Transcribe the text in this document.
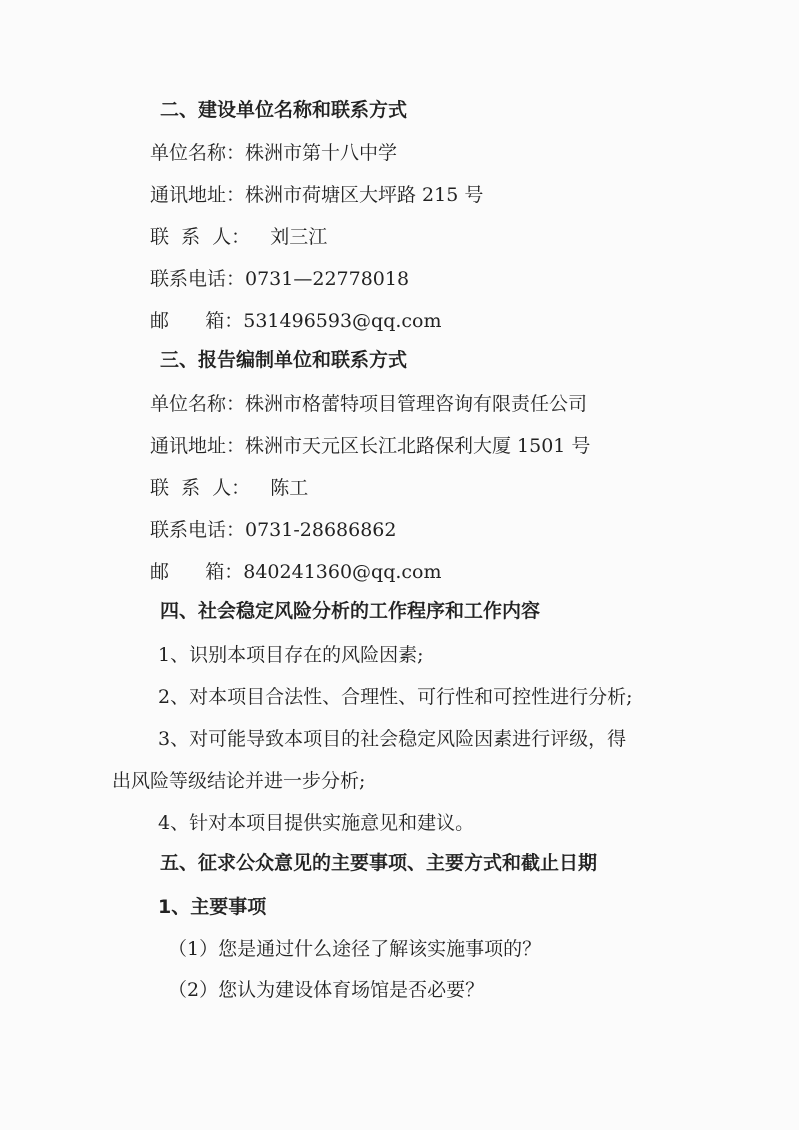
二、建设单位名称和联系方式
单位名称：株洲市第十八中学
通讯地址：株洲市荷塘区大坪路 215 号
联  系  人： 刘三江
联系电话：0731—22778018
邮      箱：531496593@qq.com
三、报告编制单位和联系方式
单位名称：株洲市格蕾特项目管理咨询有限责任公司
通讯地址：株洲市天元区长江北路保利大厦 1501 号
联  系  人： 陈工
联系电话：0731-28686862
邮      箱：840241360@qq.com
四、社会稳定风险分析的工作程序和工作内容
1、识别本项目存在的风险因素;
2、对本项目合法性、合理性、可行性和可控性进行分析;
3、对可能导致本项目的社会稳定风险因素进行评级，得
出风险等级结论并进一步分析;
4、针对本项目提供实施意见和建议。
五、征求公众意见的主要事项、主要方式和截止日期
1、主要事项
（1）您是通过什么途径了解该实施事项的？
（2）您认为建设体育场馆是否必要？
